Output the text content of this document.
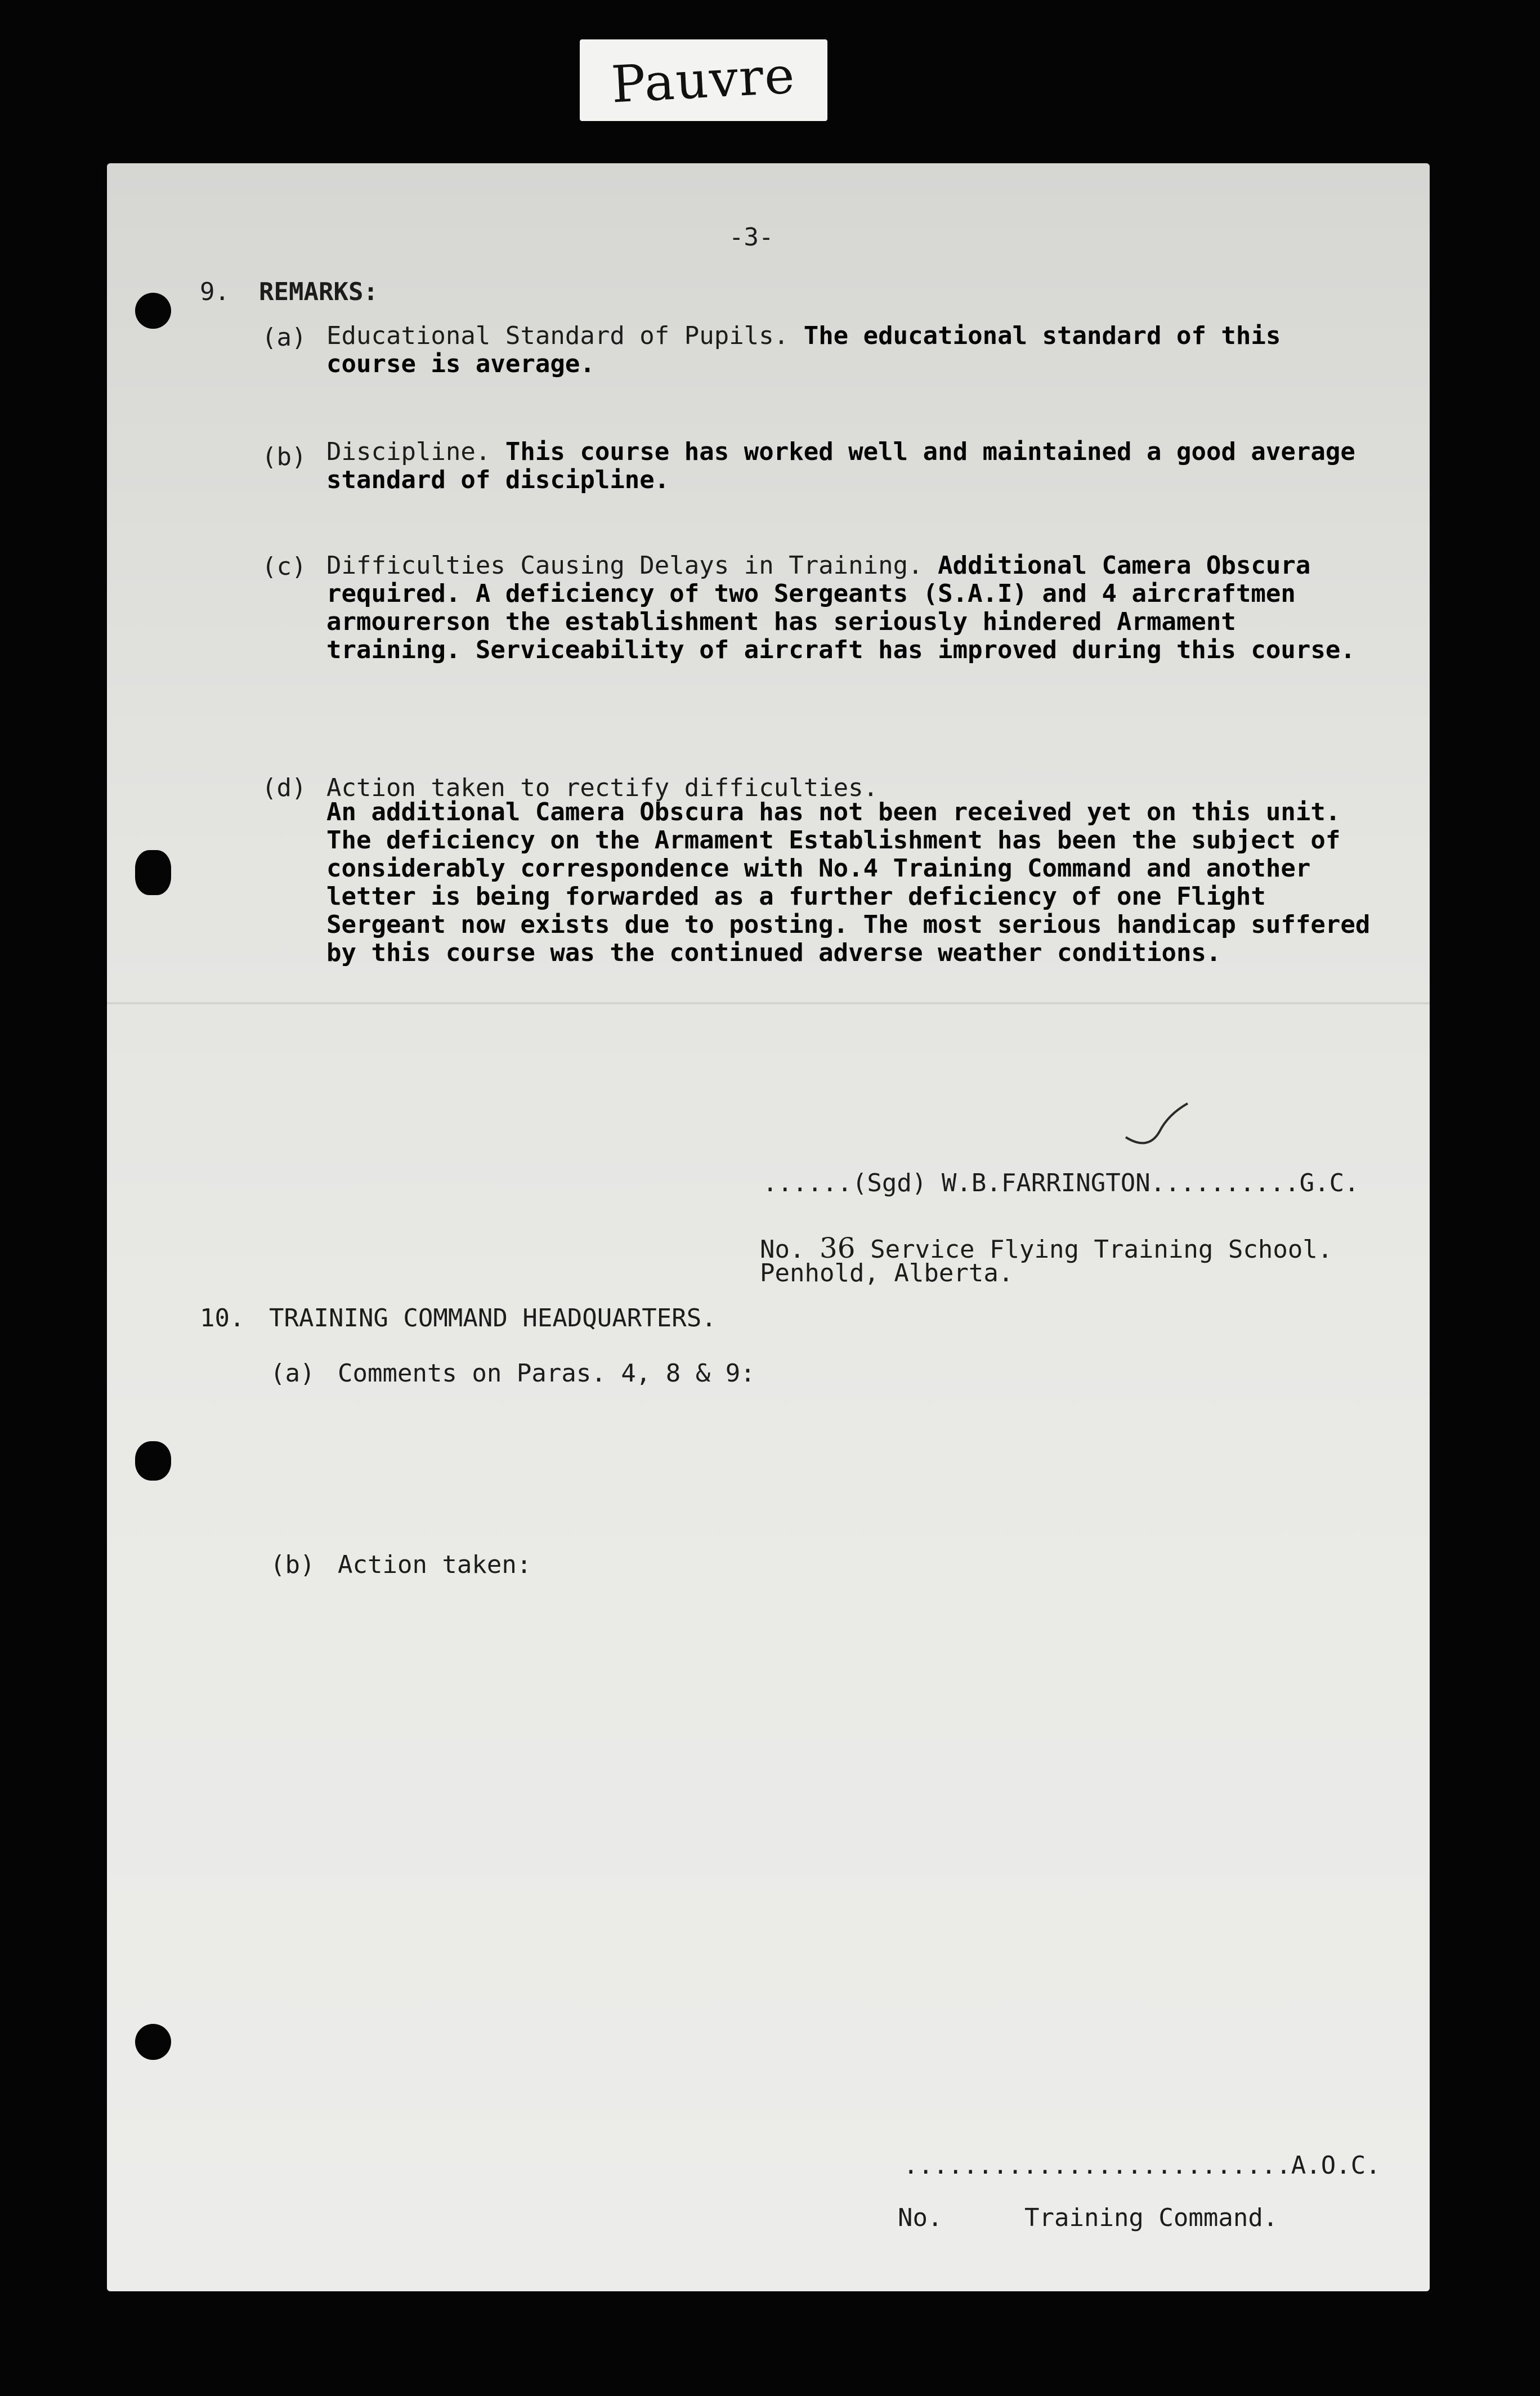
Pauvre
-3-
9. REMARKS:
(a) Educational Standard of Pupils. The educational standard of this course is average.
(b) Discipline. This course has worked well and maintained a good average standard of discipline.
(c) Difficulties Causing Delays in Training. Additional Camera Obscura required. A deficiency of two Sergeants (S.A.I) and 4 aircraftmen armourerson the establishment has seriously hindered Armament training. Serviceability of aircraft has improved during this course.
(d) Action taken to rectify difficulties.
An additional Camera Obscura has not been received yet on this unit. The deficiency on the Armament Establishment has been the subject of considerably correspondence with No.4 Training Command and another letter is being forwarded as a further deficiency of one Flight Sergeant now exists due to posting. The most serious handicap suffered by this course was the continued adverse weather conditions.
......(Sgd) W.B.FARRINGTON..........G.C.
No. 36 Service Flying Training School.
Penhold, Alberta.
10. TRAINING COMMAND HEADQUARTERS.
(a) Comments on Paras. 4, 8 & 9:
(b) Action taken:
..........................A.O.C.
No.	Training Command.
